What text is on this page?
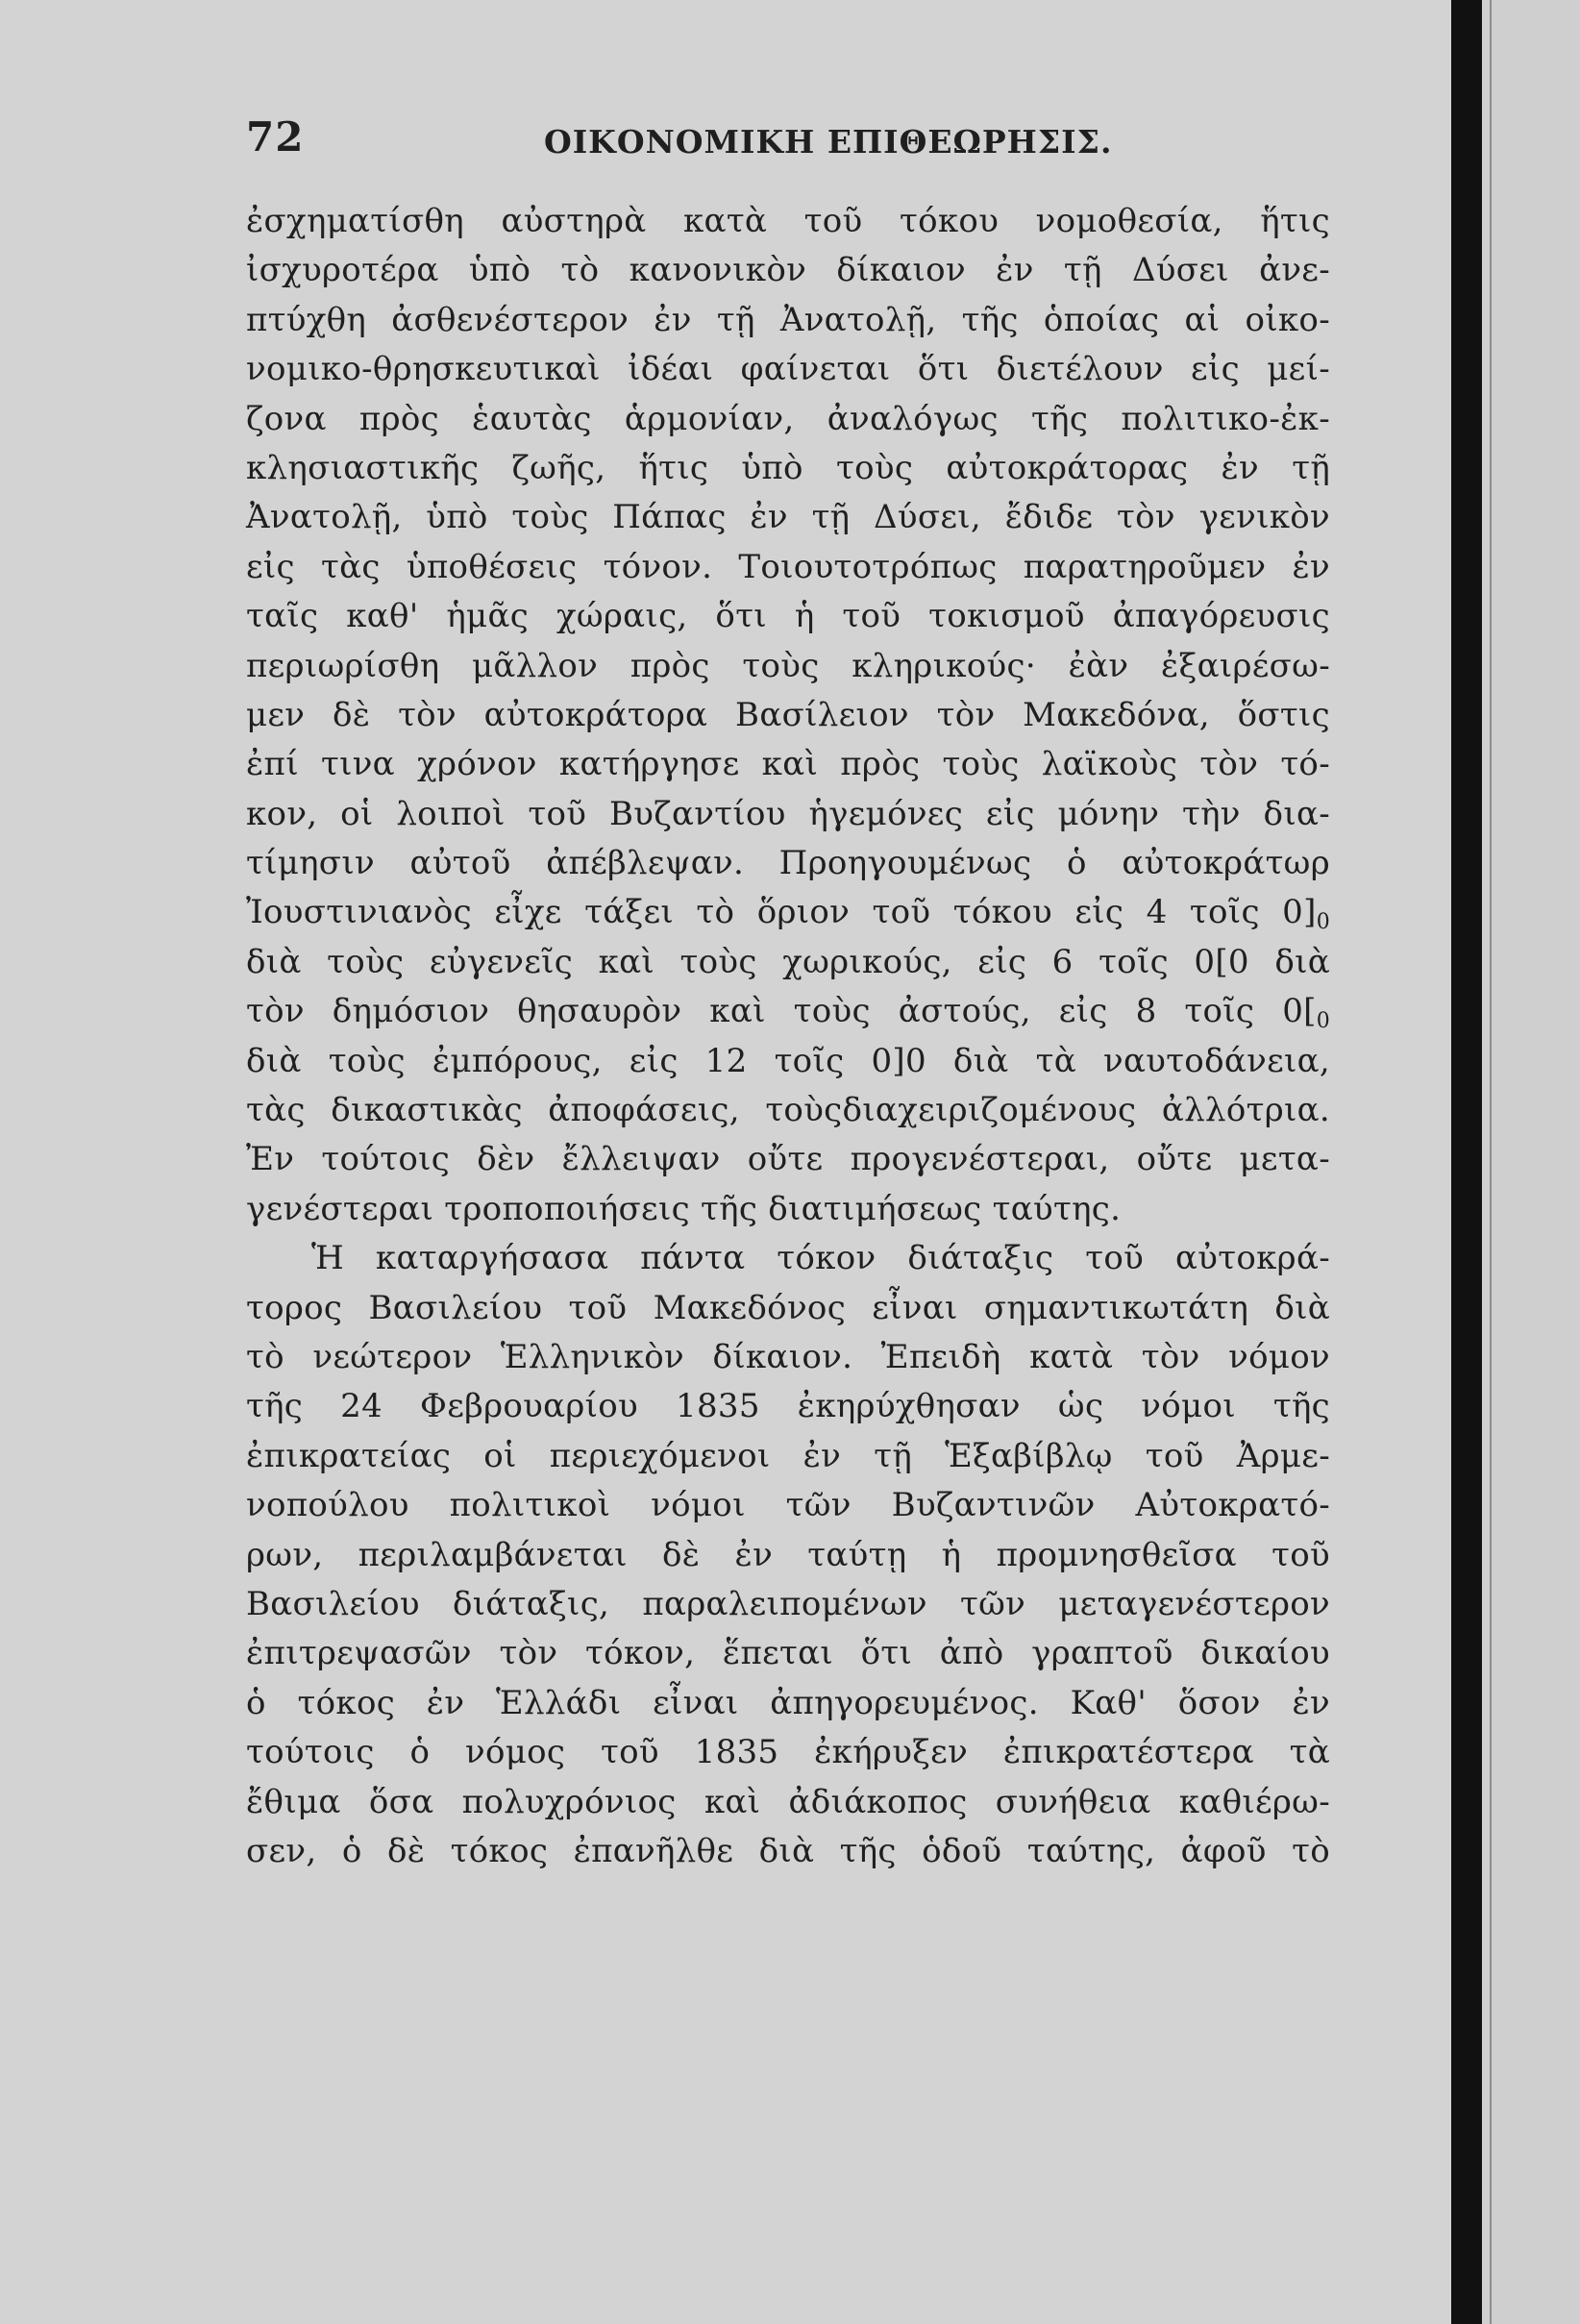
72	ΟΙΚΟΝΟΜΙΚΗ ΕΠΙΘΕΩΡΗΣΙΣ.
ἐσχηματίσθη αὐστηρὰ κατὰ τοῦ τόκου νομοθεσία, ἥτις
ἰσχυροτέρα ὑπὸ τὸ κανονικὸν δίκαιον ἐν τῇ Δύσει ἀνε-
πτύχθη ἀσθενέστερον ἐν τῇ Ἀνατολῇ, τῆς ὁποίας αἱ οἰκο-
νομικο-θρησκευτικαὶ ἰδέαι φαίνεται ὅτι διετέλουν εἰς μεί-
ζονα πρὸς ἑαυτὰς ἁρμονίαν, ἀναλόγως τῆς πολιτικο-ἐκ-
κλησιαστικῆς ζωῆς, ἥτις ὑπὸ τοὺς αὐτοκράτορας ἐν τῇ
Ἀνατολῇ, ὑπὸ τοὺς Πάπας ἐν τῇ Δύσει, ἔδιδε τὸν γενικὸν
εἰς τὰς ὑποθέσεις τόνον. Τοιουτοτρόπως παρατηροῦμεν ἐν
ταῖς καθ' ἡμᾶς χώραις, ὅτι ἡ τοῦ τοκισμοῦ ἀπαγόρευσις
περιωρίσθη μᾶλλον πρὸς τοὺς κληρικούς· ἐὰν ἐξαιρέσω-
μεν δὲ τὸν αὐτοκράτορα Βασίλειον τὸν Μακεδόνα, ὅστις
ἐπί τινα χρόνον κατήργησε καὶ πρὸς τοὺς λαϊκοὺς τὸν τό-
κον, οἱ λοιποὶ τοῦ Βυζαντίου ἡγεμόνες εἰς μόνην τὴν δια-
τίμησιν αὐτοῦ ἀπέβλεψαν. Προηγουμένως ὁ αὐτοκράτωρ
Ἰουστινιανὸς εἶχε τάξει τὸ ὅριον τοῦ τόκου εἰς 4 τοῖς $0]_0$
διὰ τοὺς εὐγενεῖς καὶ τοὺς χωρικούς, εἰς 6 τοῖς 0[0 διὰ
τὸν δημόσιον θησαυρὸν καὶ τοὺς ἀστούς, εἰς 8 τοῖς $0[_0$
διὰ τοὺς ἐμπόρους, εἰς 12 τοῖς 0]0 διὰ τὰ ναυτοδάνεια,
τὰς δικαστικὰς ἀποφάσεις, τοὺςδιαχειριζομένους ἀλλότρια.
Ἐν τούτοις δὲν ἔλλειψαν οὔτε προγενέστεραι, οὔτε μετα-
γενέστεραι τροποποιήσεις τῆς διατιμήσεως ταύτης.
Ἡ καταργήσασα πάντα τόκον διάταξις τοῦ αὐτοκρά-
τορος Βασιλείου τοῦ Μακεδόνος εἶναι σημαντικωτάτη διὰ
τὸ νεώτερον Ἑλληνικὸν δίκαιον. Ἐπειδὴ κατὰ τὸν νόμον
τῆς 24 Φεβρουαρίου 1835 ἐκηρύχθησαν ὡς νόμοι τῆς
ἐπικρατείας οἱ περιεχόμενοι ἐν τῇ Ἑξαβίβλῳ τοῦ Ἀρμε-
νοπούλου πολιτικοὶ νόμοι τῶν Βυζαντινῶν Αὐτοκρατό-
ρων, περιλαμβάνεται δὲ ἐν ταύτῃ ἡ προμνησθεῖσα τοῦ
Βασιλείου διάταξις, παραλειπομένων τῶν μεταγενέστερον
ἐπιτρεψασῶν τὸν τόκον, ἕπεται ὅτι ἀπὸ γραπτοῦ δικαίου
ὁ τόκος ἐν Ἑλλάδι εἶναι ἀπηγορευμένος. Καθ' ὅσον ἐν
τούτοις ὁ νόμος τοῦ 1835 ἐκήρυξεν ἐπικρατέστερα τὰ
ἔθιμα ὅσα πολυχρόνιος καὶ ἀδιάκοπος συνήθεια καθιέρω-
σεν, ὁ δὲ τόκος ἐπανῆλθε διὰ τῆς ὁδοῦ ταύτης, ἀφοῦ τὸ
